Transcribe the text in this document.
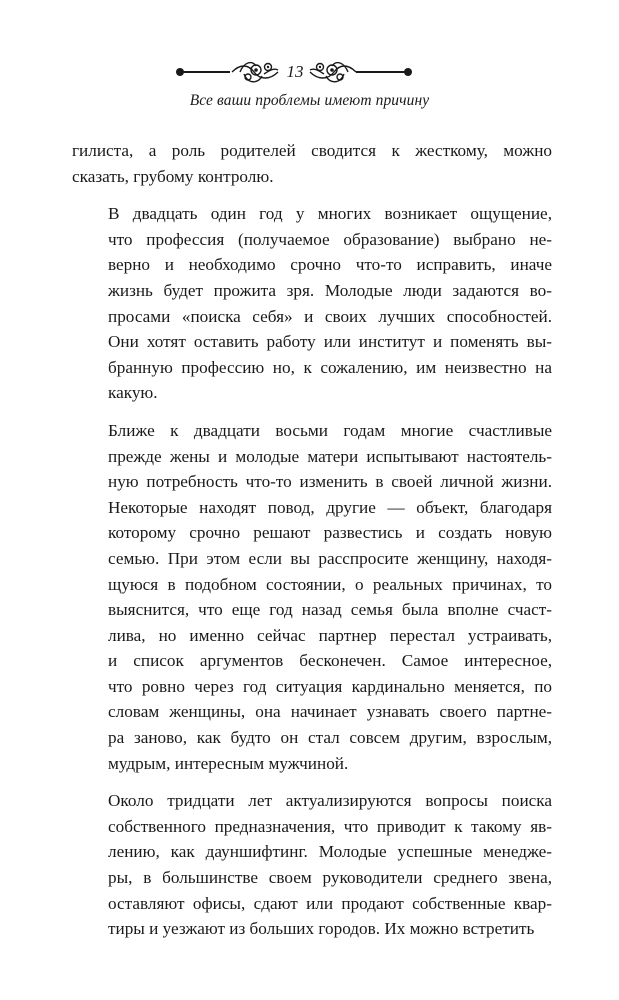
13
Все ваши проблемы имеют причину

гилиста, а роль родителей сводится к жесткому, можно
сказать, грубому контролю.

В двадцать один год у многих возникает ощущение,
что профессия (получаемое образование) выбрано не-
верно и необходимо срочно что-то исправить, иначе
жизнь будет прожита зря. Молодые люди задаются во-
просами «поиска себя» и своих лучших способностей.
Они хотят оставить работу или институт и поменять вы-
бранную профессию но, к сожалению, им неизвестно на
какую.

Ближе к двадцати восьми годам многие счастливые
прежде жены и молодые матери испытывают настоятель-
ную потребность что-то изменить в своей личной жизни.
Некоторые находят повод, другие — объект, благодаря
которому срочно решают развестись и создать новую
семью. При этом если вы расспросите женщину, находя-
щуюся в подобном состоянии, о реальных причинах, то
выяснится, что еще год назад семья была вполне счаст-
лива, но именно сейчас партнер перестал устраивать,
и список аргументов бесконечен. Самое интересное,
что ровно через год ситуация кардинально меняется, по
словам женщины, она начинает узнавать своего партне-
ра заново, как будто он стал совсем другим, взрослым,
мудрым, интересным мужчиной.

Около тридцати лет актуализируются вопросы поиска
собственного предназначения, что приводит к такому яв-
лению, как дауншифтинг. Молодые успешные менедже-
ры, в большинстве своем руководители среднего звена,
оставляют офисы, сдают или продают собственные квар-
тиры и уезжают из больших городов. Их можно встретить
